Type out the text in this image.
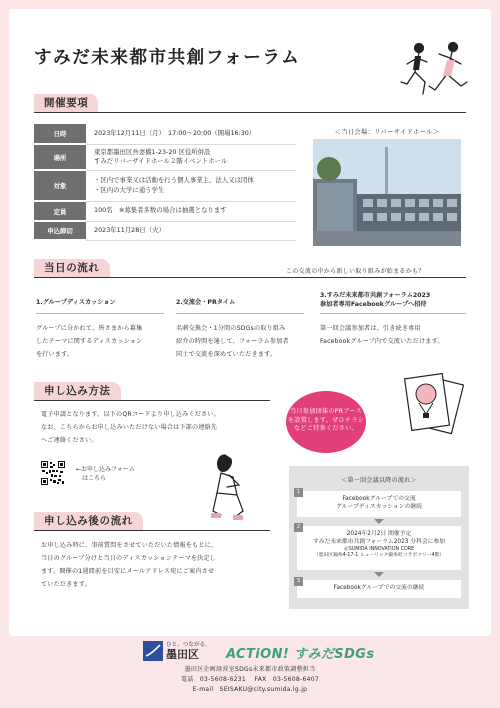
すみだ未来都市共創フォーラム
開催要項
日時	2023年12月11日（月）　17:00～20:00（開場16:30）
場所	東京都墨田区吾妻橋1-23-20 区役所併設
すみだリバーサイドホール２階イベントホール
対象	・区内で事業又は活動を行う個人事業主、法人又は団体
・区内の大学に通う学生
定員	100名　※募集者多数の場合は抽選となります
申込締切	2023年11月28日（火）
＜当日会場：リバーサイドホール＞
当日の流れ	この交流の中から新しい取り組みが始まるかも？
1.グループディスカッション
グループに分かれて、皆さまから募集
したテーマに関するディスカッション
を行います。
2.交流会・PRタイム
名刺交換会・1分間のSDGsの取り組み
紹介の時間を通して、フォーラム参加者
同士で交流を深めていただきます。
3.すみだ未来都市共創フォーラム2023
参加者専用Facebookグループへ招待
第一回会議参加者は、引き続き専用
Facebookグループ内で交流いただけます。
申し込み方法
電子申請となります。以下のQRコードより申し込みください。
なお、こちらからお申し込みいただけない場合は下部の連絡先
へご連絡ください。
←お申し込みフォーム
　はこちら
当日参加団体のPRブース
を設置します。ぜひチラシ
などご持参ください。
申し込み後の流れ
お申し込み時に、事前質問をさせていただいた情報をもとに、
当日のグループ分けと当日のディスカッションテーマを決定し
ます。開催の1週間前を目安にメールアドレス宛にご案内させ
ていただきます。
＜第一回会議以降の流れ＞
1
Facebookグループでの交流
グループディスカッションの継続
2
2024年2月2日 開催予定
すみだ未来都市共創フォーラム2023 分科会に参加
＠SUMIDA INNOVATION CORE
（墨田区錦糸4-17-1 ヒューリック錦糸町コラボツリー4階）
3
Facebookグループでの交流の継続
ひと、つながる。
墨田区	ACTiON! すみだSDGs
墨田区企画経営室SDGs未来都市政策調整担当
電話　03-5608-6231　 FAX　03-5608-6407
E-mail　SEISAKU@city.sumida.lg.jp
